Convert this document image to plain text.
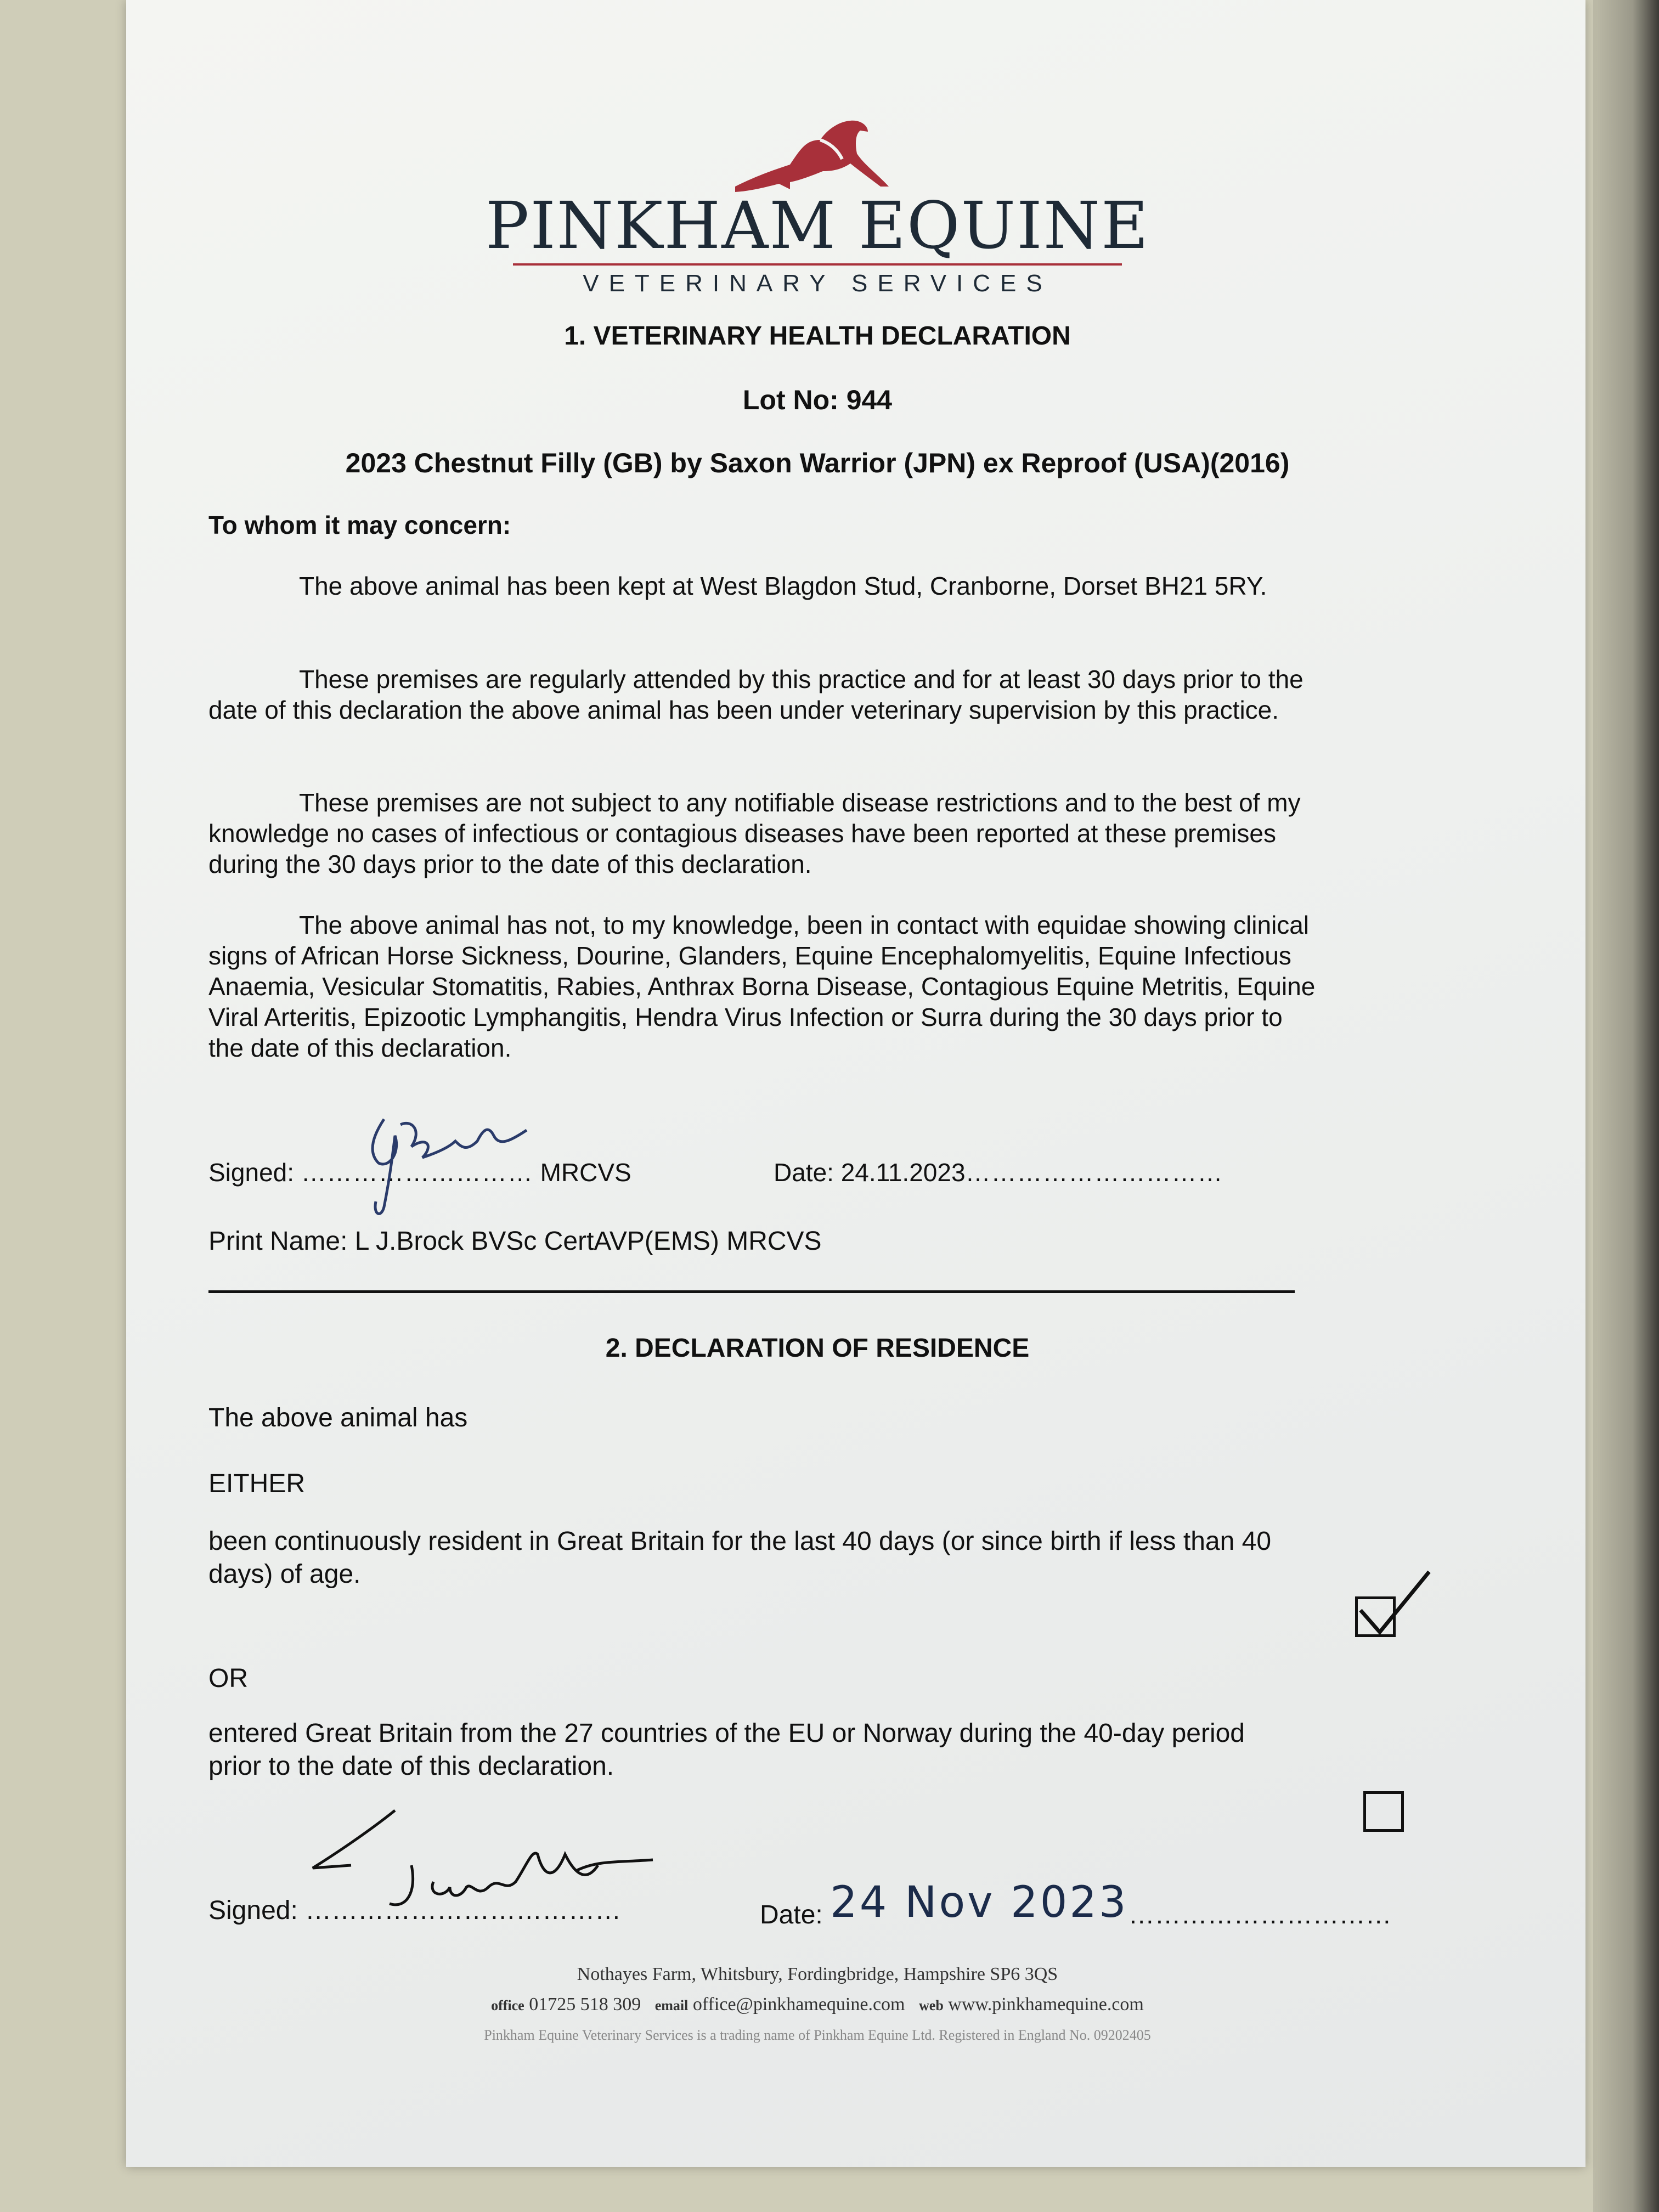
PINKHAM EQUINE
VETERINARY SERVICES
1. VETERINARY HEALTH DECLARATION
Lot No: 944
2023 Chestnut Filly (GB) by Saxon Warrior (JPN) ex Reproof (USA)(2016)
To whom it may concern:
The above animal has been kept at West Blagdon Stud, Cranborne, Dorset BH21 5RY.
These premises are regularly attended by this practice and for at least 30 days prior to the date of this declaration the above animal has been under veterinary supervision by this practice.
These premises are not subject to any notifiable disease restrictions and to the best of my knowledge no cases of infectious or contagious diseases have been reported at these premises during the 30 days prior to the date of this declaration.
The above animal has not, to my knowledge, been in contact with equidae showing clinical signs of African Horse Sickness, Dourine, Glanders, Equine Encephalomyelitis, Equine Infectious Anaemia, Vesicular Stomatitis, Rabies, Anthrax Borna Disease, Contagious Equine Metritis, Equine Viral Arteritis, Epizootic Lymphangitis, Hendra Virus Infection or Surra during the 30 days prior to the date of this declaration.
Signed: ……………………… MRCVS	Date: 24.11.2023…………………………
Print Name: L J.Brock BVSc CertAVP(EMS) MRCVS
2. DECLARATION OF RESIDENCE
The above animal has
EITHER
been continuously resident in Great Britain for the last 40 days (or since birth if less than 40 days) of age.
OR
entered Great Britain from the 27 countries of the EU or Norway during the 40-day period prior to the date of this declaration.
Signed: ………………………………	Date: 24 Nov 2023…………………………
Nothayes Farm, Whitsbury, Fordingbridge, Hampshire SP6 3QS
office 01725 518 309 email office@pinkhamequine.com web www.pinkhamequine.com
Pinkham Equine Veterinary Services is a trading name of Pinkham Equine Ltd. Registered in England No. 09202405
